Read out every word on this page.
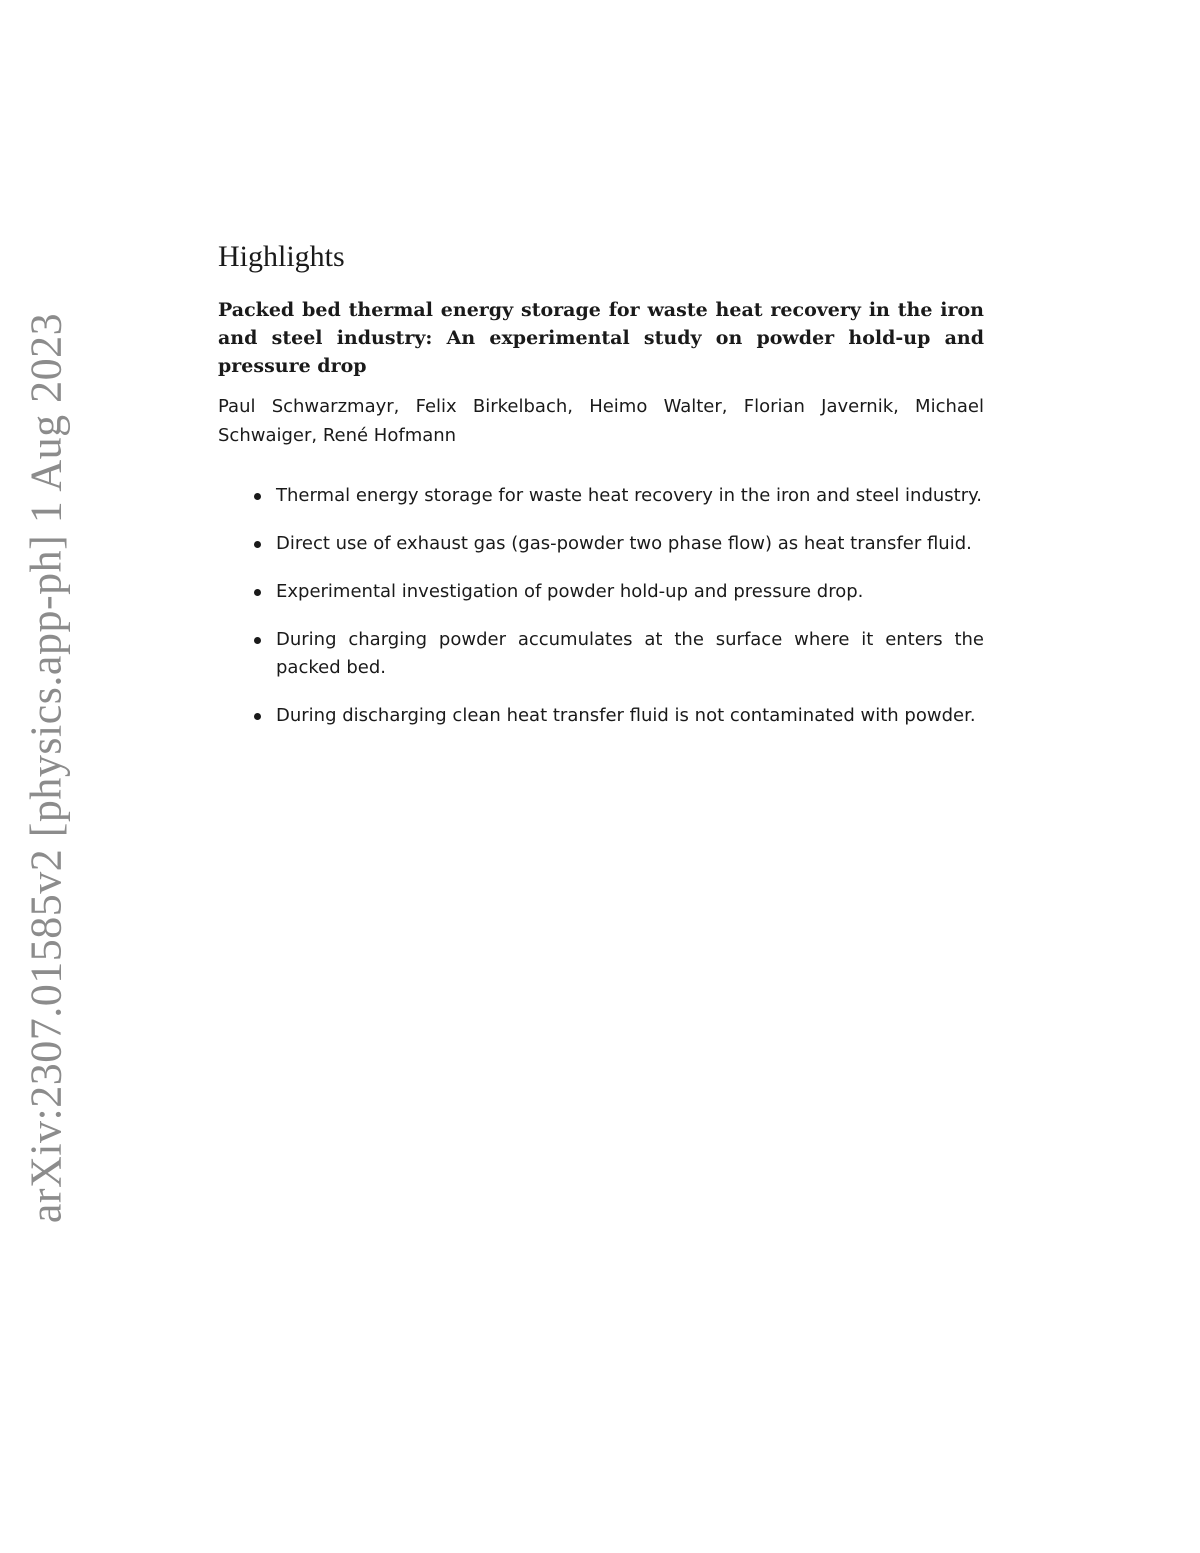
arXiv:2307.01585v2 [physics.app-ph] 1 Aug 2023
Highlights

Packed bed thermal energy storage for waste heat recovery in the iron and steel industry: An experimental study on powder hold-up and pressure drop

Paul Schwarzmayr, Felix Birkelbach, Heimo Walter, Florian Javernik, Michael Schwaiger, René Hofmann

Thermal energy storage for waste heat recovery in the iron and steel industry.
Direct use of exhaust gas (gas-powder two phase flow) as heat transfer fluid.
Experimental investigation of powder hold-up and pressure drop.
During charging powder accumulates at the surface where it enters the packed bed.
During discharging clean heat transfer fluid is not contaminated with powder.
